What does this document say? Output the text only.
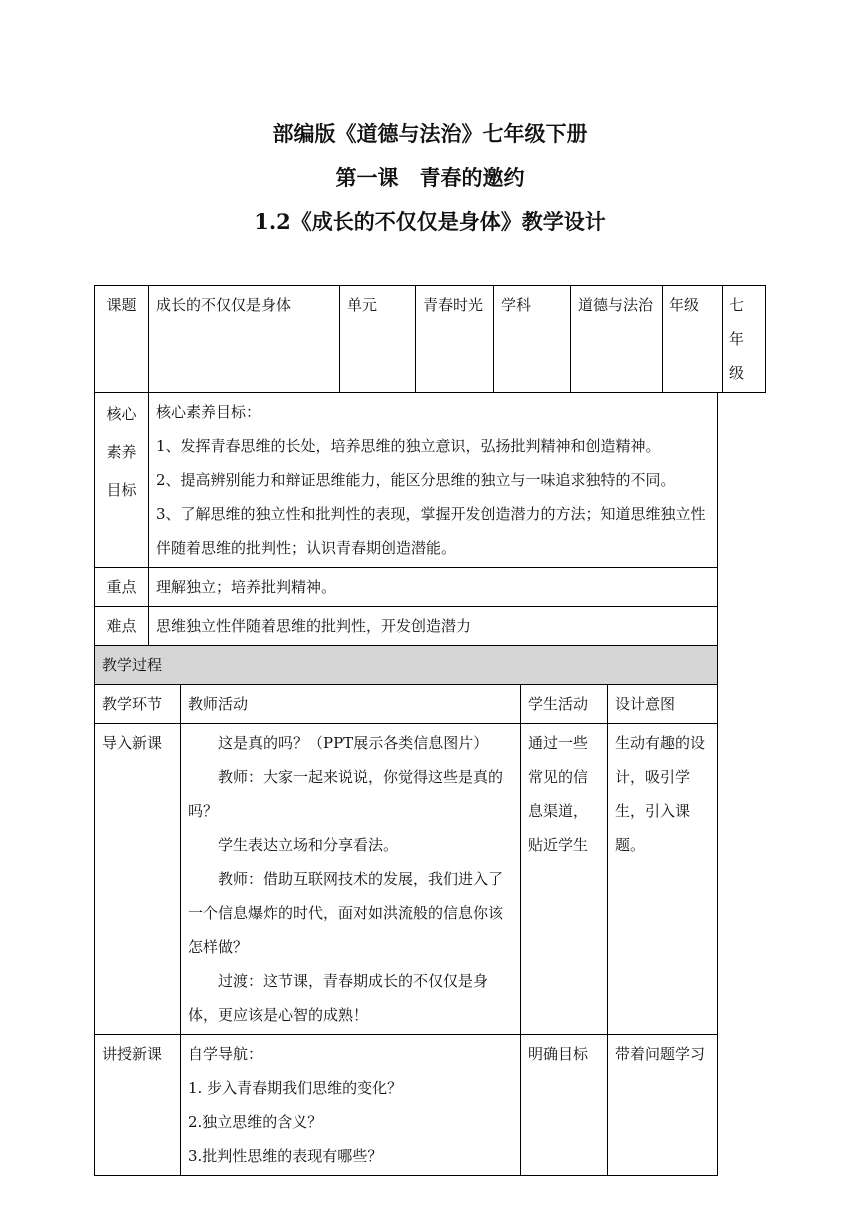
部编版《道德与法治》七年级下册
第一课　青春的邀约
1.2《成长的不仅仅是身体》教学设计
课题	成长的不仅仅是身体		单元	青春时光	学科		道德与法治		年级 七年级

核心素养目标	核心素养目标：

1、发挥青春思维的长处，培养思维的独立意识，弘扬批判精神和创造精神。

2、提高辨别能力和辩证思维能力，能区分思维的独立与一味追求独特的不同。

3、了解思维的独立性和批判性的表现，掌握开发创造潜力的方法；知道思维独立性伴随着思维的批判性；认识青春期创造潜能。								

重点	理解独立；培养批判精神。								
难点	思维独立性伴随着思维的批判性，开发创造潜力								
教学过程									
教学环节		教师活动				学生活动		设计意图	
导入新课		这是真的吗？（PPT展示各类信息图片）

教师：大家一起来说说，你觉得这些是真的吗？

学生表达立场和分享看法。

教师：借助互联网技术的发展，我们进入了一个信息爆炸的时代，面对如洪流般的信息你该怎样做？

过渡：这节课，青春期成长的不仅仅是身体，更应该是心智的成熟！				通过一些常见的信息渠道，贴近学生		生动有趣的设计，吸引学生，引入课题。	
讲授新课		自学导航：

1. 步入青春期我们思维的变化？

2.独立思维的含义？

3.批判性思维的表现有哪些？				明确目标		带着问题学习	
